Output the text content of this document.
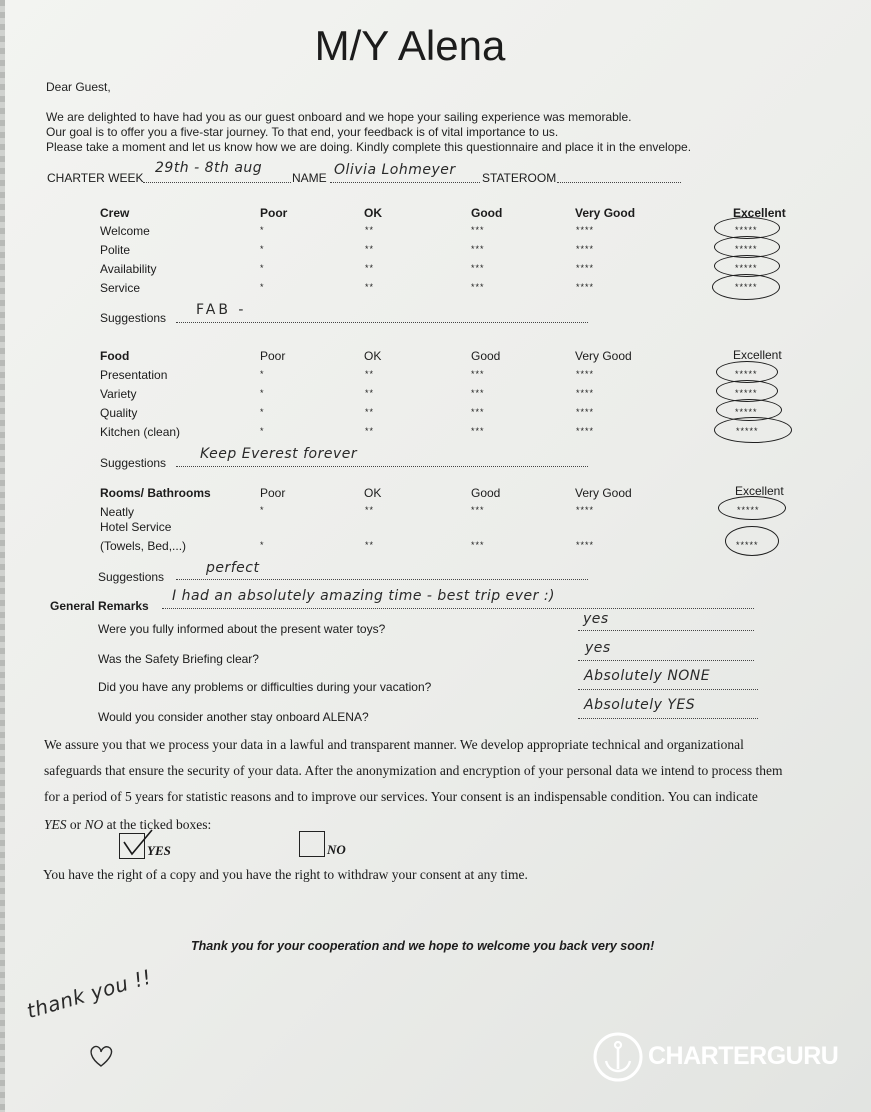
M/Y Alena
Dear Guest,
We are delighted to have had you as our guest onboard and we hope your sailing experience was memorable.
Our goal is to offer you a five-star journey. To that end, your feedback is of vital importance to us.
Please take a moment and let us know how we are doing. Kindly complete this questionnaire and place it in the envelope.
CHARTER WEEK
29th - 8th aug
NAME Olivia Lohmeyer STATEROOM
Crew	Poor	OK	Good	Very Good	Excellent
Welcome	*	**	***	****	*****
Polite	*	**	***	****	*****
Availability	*	**	***	****	*****
Service	*	**	***	****	*****
Suggestions FAB -
Food	Poor	OK	Good	Very Good	Excellent
Presentation	*	**	***	****	*****
Variety	*	**	***	****	*****
Quality	*	**	***	****	*****
Kitchen (clean)	*	**	***	****	*****
Suggestions
Keep Everest forever
Rooms/ Bathrooms	Poor	OK	Good	Very Good	Excellent
Neatly	*	**	***	****	*****
Hotel Service
(Towels, Bed,...)	*	**	***	****	*****
Suggestions
perfect
General Remarks
I had an absolutely amazing time - best trip ever :)
Were you fully informed about the present water toys?
yes
Was the Safety Briefing clear?
yes
Did you have any problems or difficulties during your vacation?
Absolutely NONE
Would you consider another stay onboard ALENA?
Absolutely YES
We assure you that we process your data in a lawful and transparent manner. We develop appropriate technical and organizational
safeguards that ensure the security of your data. After the anonymization and encryption of your personal data we intend to process them
for a period of 5 years for statistic reasons and to improve our services. Your consent is an indispensable condition. You can indicate
YES or NO at the ticked boxes:
YES	NO
You have the right of a copy and you have the right to withdraw your consent at any time.
Thank you for your cooperation and we hope to welcome you back very soon!
thank you !!
CHARTERGURU
